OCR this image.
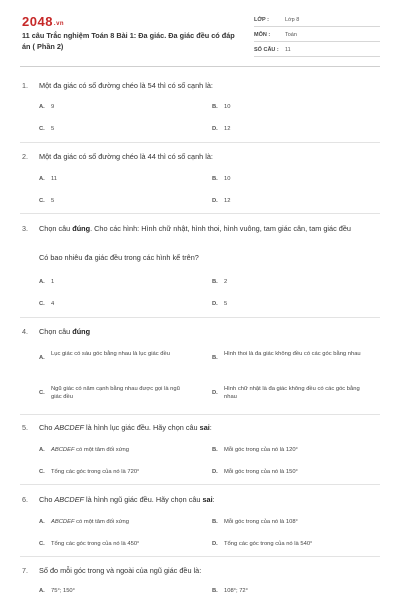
2048.vn
11 câu Trắc nghiệm Toán 8 Bài 1: Đa giác. Đa giác đều có đáp án ( Phần 2)
LỚP :	Lớp 8
MÔN :	Toán
SỐ CÂU : 11
1. Một đa giác có số đường chéo là 54 thì có số cạnh là:
A. 9	B. 10
C. 5	D. 12
2. Một đa giác có số đường chéo là 44 thì có số cạnh là:
A. 11	B. 10
C. 5	D. 12
3. Chọn câu đúng. Cho các hình: Hình chữ nhật, hình thoi, hình vuông, tam giác cân, tam giác đều
Có bao nhiêu đa giác đều trong các hình kể trên?
A. 1	B. 2
C. 4	D. 5
4. Chọn câu đúng
A.
Lục giác có sáu góc bằng nhau là lục giác đều
B.
Hình thoi là đa giác không đều có các góc bằng nhau
C.
Ngũ giác có năm cạnh bằng nhau được gọi là ngũ giác đều
D.
Hình chữ nhật là đa giác không đều có các góc bằng nhau
5. Cho ABCDEF là hình lục giác đều. Hãy chọn câu sai:
A. ABCDEF có một tâm đối xứng	B. Mỗi góc trong của nó là 120°
C. Tổng các góc trong của nó là 720°	D. Mỗi góc trong của nó là 150°
6. Cho ABCDEF là hình ngũ giác đều. Hãy chọn câu sai:
A. ABCDEF có một tâm đối xứng	B. Mỗi góc trong của nó là 108°
C. Tổng các góc trong của nó là 450°	D. Tổng các góc trong của nó là 540°
7. Số đo mỗi góc trong và ngoài của ngũ giác đều là:
A. 75°; 150°	B. 108°; 72°
